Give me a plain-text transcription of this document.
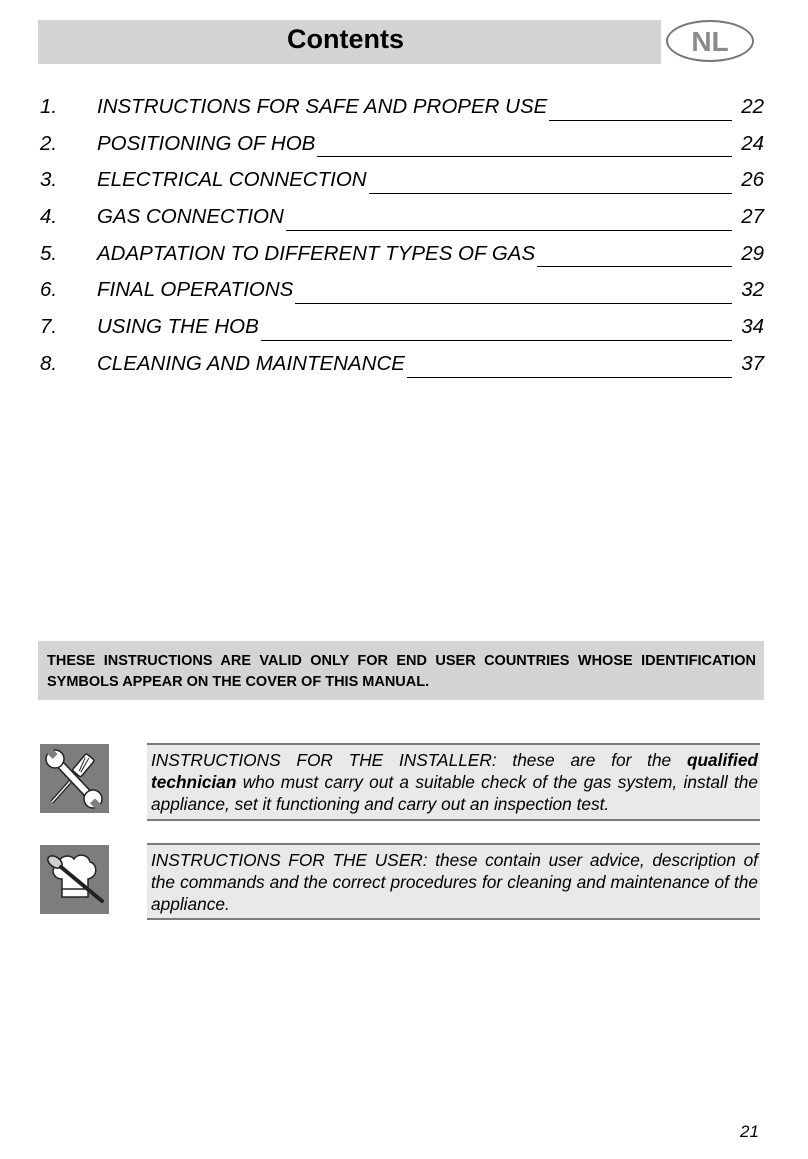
Contents	NL
1.	INSTRUCTIONS FOR SAFE AND PROPER USE	22
2.	POSITIONING OF HOB	24
3.	ELECTRICAL CONNECTION	26
4.	GAS CONNECTION	27
5.	ADAPTATION TO DIFFERENT TYPES OF GAS	29
6.	FINAL OPERATIONS	32
7.	USING THE HOB	34
8.	CLEANING AND MAINTENANCE	37
THESE INSTRUCTIONS ARE VALID ONLY FOR END USER COUNTRIES WHOSE IDENTIFICATION SYMBOLS APPEAR ON THE COVER OF THIS MANUAL.
INSTRUCTIONS FOR THE INSTALLER: these are for the qualified technician who must carry out a suitable check of the gas system, install the appliance, set it functioning and carry out an inspection test.
INSTRUCTIONS FOR THE USER: these contain user advice, description of the commands and the correct procedures for cleaning and maintenance of the appliance.
21
